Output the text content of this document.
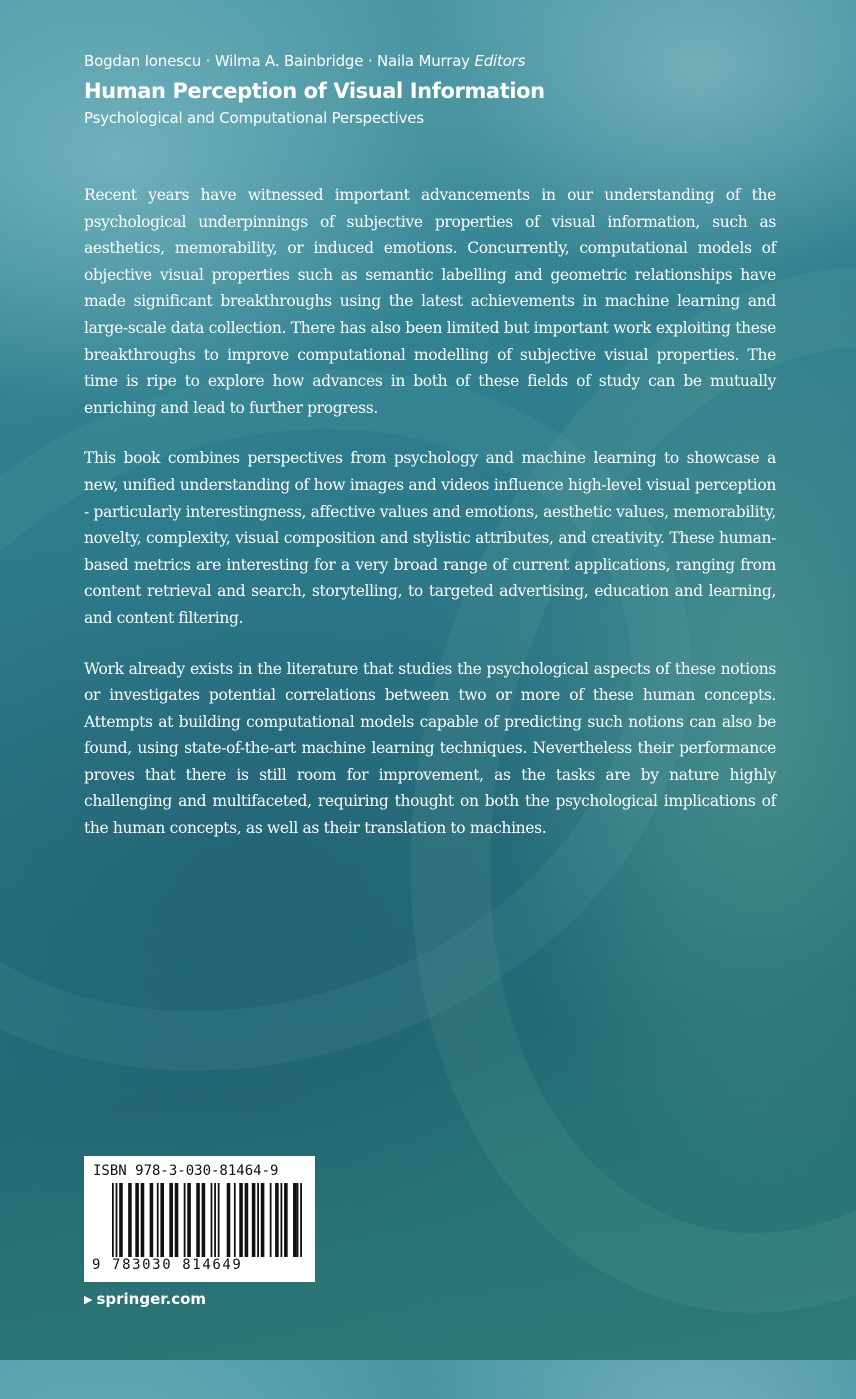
Bogdan Ionescu · Wilma A. Bainbridge · Naila Murray Editors
Human Perception of Visual Information
Psychological and Computational Perspectives

Recent years have witnessed important advancements in our understanding of the psychological underpinnings of subjective properties of visual information, such as aesthetics, memorability, or induced emotions. Concurrently, computational models of objective visual properties such as semantic labelling and geometric relationships have made significant breakthroughs using the latest achievements in machine learning and large-scale data collection. There has also been limited but important work exploiting these breakthroughs to improve computational modelling of subjective visual properties. The time is ripe to explore how advances in both of these fields of study can be mutually enriching and lead to further progress.

This book combines perspectives from psychology and machine learning to showcase a new, unified understanding of how images and videos influence high-level visual perception - particularly interestingness, affective values and emotions, aesthetic values, memorability, novelty, complexity, visual composition and stylistic attributes, and creativity. These human-based metrics are interesting for a very broad range of current applications, ranging from content retrieval and search, storytelling, to targeted advertising, education and learning, and content filtering.

Work already exists in the literature that studies the psychological aspects of these notions or investigates potential correlations between two or more of these human concepts. Attempts at building computational models capable of predicting such notions can also be found, using state-of-the-art machine learning techniques. Nevertheless their performance proves that there is still room for improvement, as the tasks are by nature highly challenging and multifaceted, requiring thought on both the psychological implications of the human concepts, as well as their translation to machines.

ISBN 978-3-030-81464-9
9 783030 814649
▶ springer.com
